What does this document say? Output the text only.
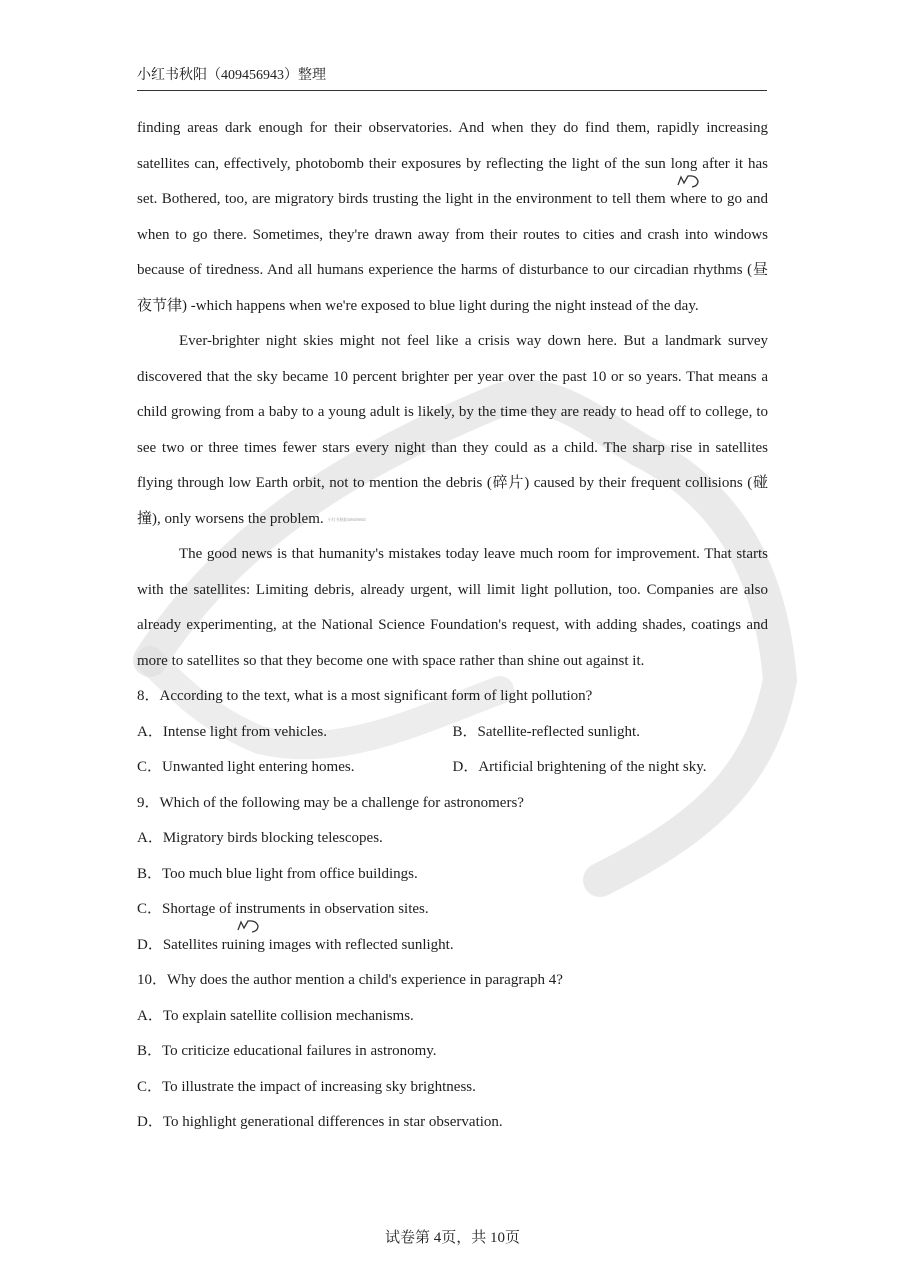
小红书秋阳（409456943）整理

finding areas dark enough for their observatories. And when they do find them, rapidly increasing satellites can, effectively, photobomb their exposures by reflecting the light of the sun long after it has set. Bothered, too, are migratory birds trusting the light in the environment to tell them where to go and when to go there. Sometimes, they're drawn away from their routes to cities and crash into windows because of tiredness. And all humans experience the harms of disturbance to our circadian rhythms (昼夜节律) -which happens when we're exposed to blue light during the night instead of the day.

Ever-brighter night skies might not feel like a crisis way down here. But a landmark survey discovered that the sky became 10 percent brighter per year over the past 10 or so years. That means a child growing from a baby to a young adult is likely, by the time they are ready to head off to college, to see two or three times fewer stars every night than they could as a child. The sharp rise in satellites flying through low Earth orbit, not to mention the debris (碎片) caused by their frequent collisions (碰撞), only worsens the problem. 小红书秋阳409456943

The good news is that humanity's mistakes today leave much room for improvement. That starts with the satellites: Limiting debris, already urgent, will limit light pollution, too. Companies are also already experimenting, at the National Science Foundation's request, with adding shades, coatings and more to satellites so that they become one with space rather than shine out against it.

8．According to the text, what is a most significant form of light pollution?
A．Intense light from vehicles.	B．Satellite-reflected sunlight.
C．Unwanted light entering homes.	D．Artificial brightening of the night sky.
9．Which of the following may be a challenge for astronomers?
A．Migratory birds blocking telescopes.
B．Too much blue light from office buildings.
C．Shortage of instruments in observation sites.
D．Satellites ruining images with reflected sunlight.
10．Why does the author mention a child's experience in paragraph 4?
A．To explain satellite collision mechanisms.
B．To criticize educational failures in astronomy.
C．To illustrate the impact of increasing sky brightness.
D．To highlight generational differences in star observation.
试卷第 4页，共 10页
